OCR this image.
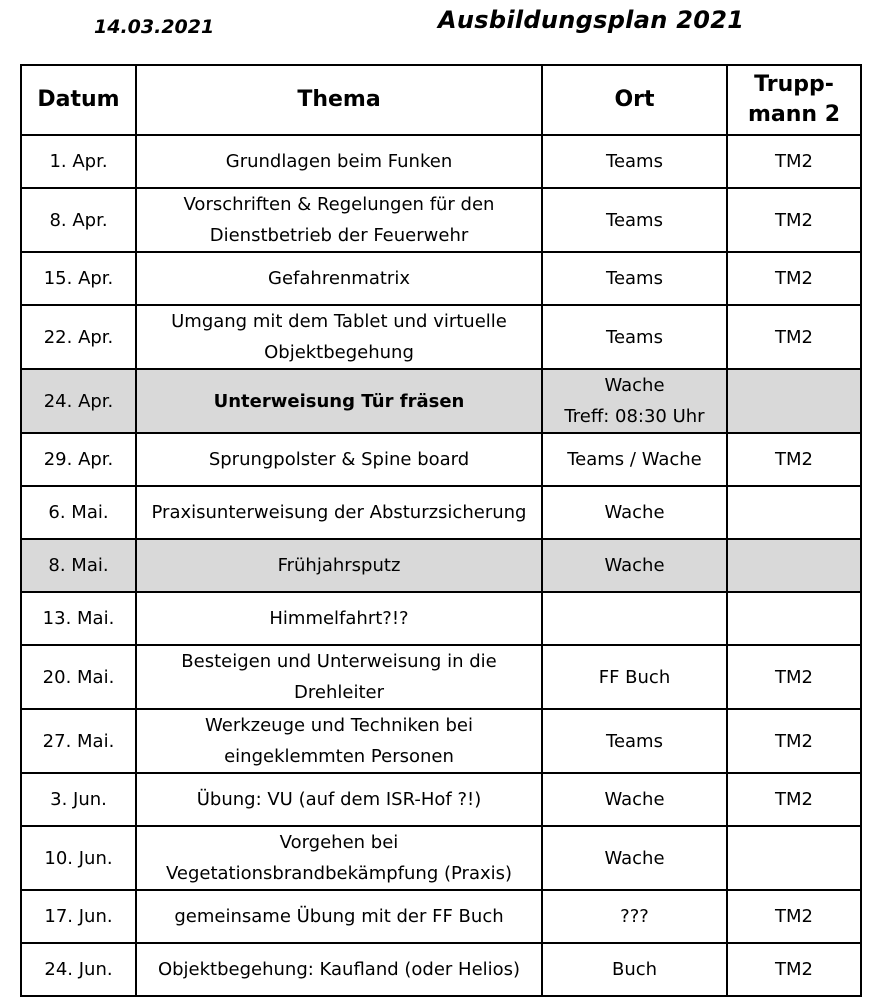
14.03.2021	Ausbildungsplan 2021
Datum	Thema	Ort	Trupp-
mann 2
1. Apr.	Grundlagen beim Funken	Teams	TM2
8. Apr.	Vorschriften & Regelungen für den Dienstbetrieb der Feuerwehr	Teams	TM2
15. Apr.	Gefahrenmatrix	Teams	TM2
22. Apr.	Umgang mit dem Tablet und virtuelle Objektbegehung	Teams	TM2
24. Apr.	Unterweisung Tür fräsen	Wache
Treff: 08:30 Uhr	
29. Apr.	Sprungpolster & Spine board	Teams / Wache	TM2
6. Mai.	Praxisunterweisung der Absturzsicherung	Wache	
8. Mai.	Frühjahrsputz	Wache	
13. Mai.	Himmelfahrt?!?		
20. Mai.	Besteigen und Unterweisung in die Drehleiter	FF Buch	TM2
27. Mai.	Werkzeuge und Techniken bei eingeklemmten Personen	Teams	TM2
3. Jun.	Übung: VU (auf dem ISR-Hof ?!)	Wache	TM2
10. Jun.	Vorgehen bei Vegetationsbrandbekämpfung (Praxis)	Wache	
17. Jun.	gemeinsame Übung mit der FF Buch	???	TM2
24. Jun.	Objektbegehung: Kaufland (oder Helios)	Buch	TM2
